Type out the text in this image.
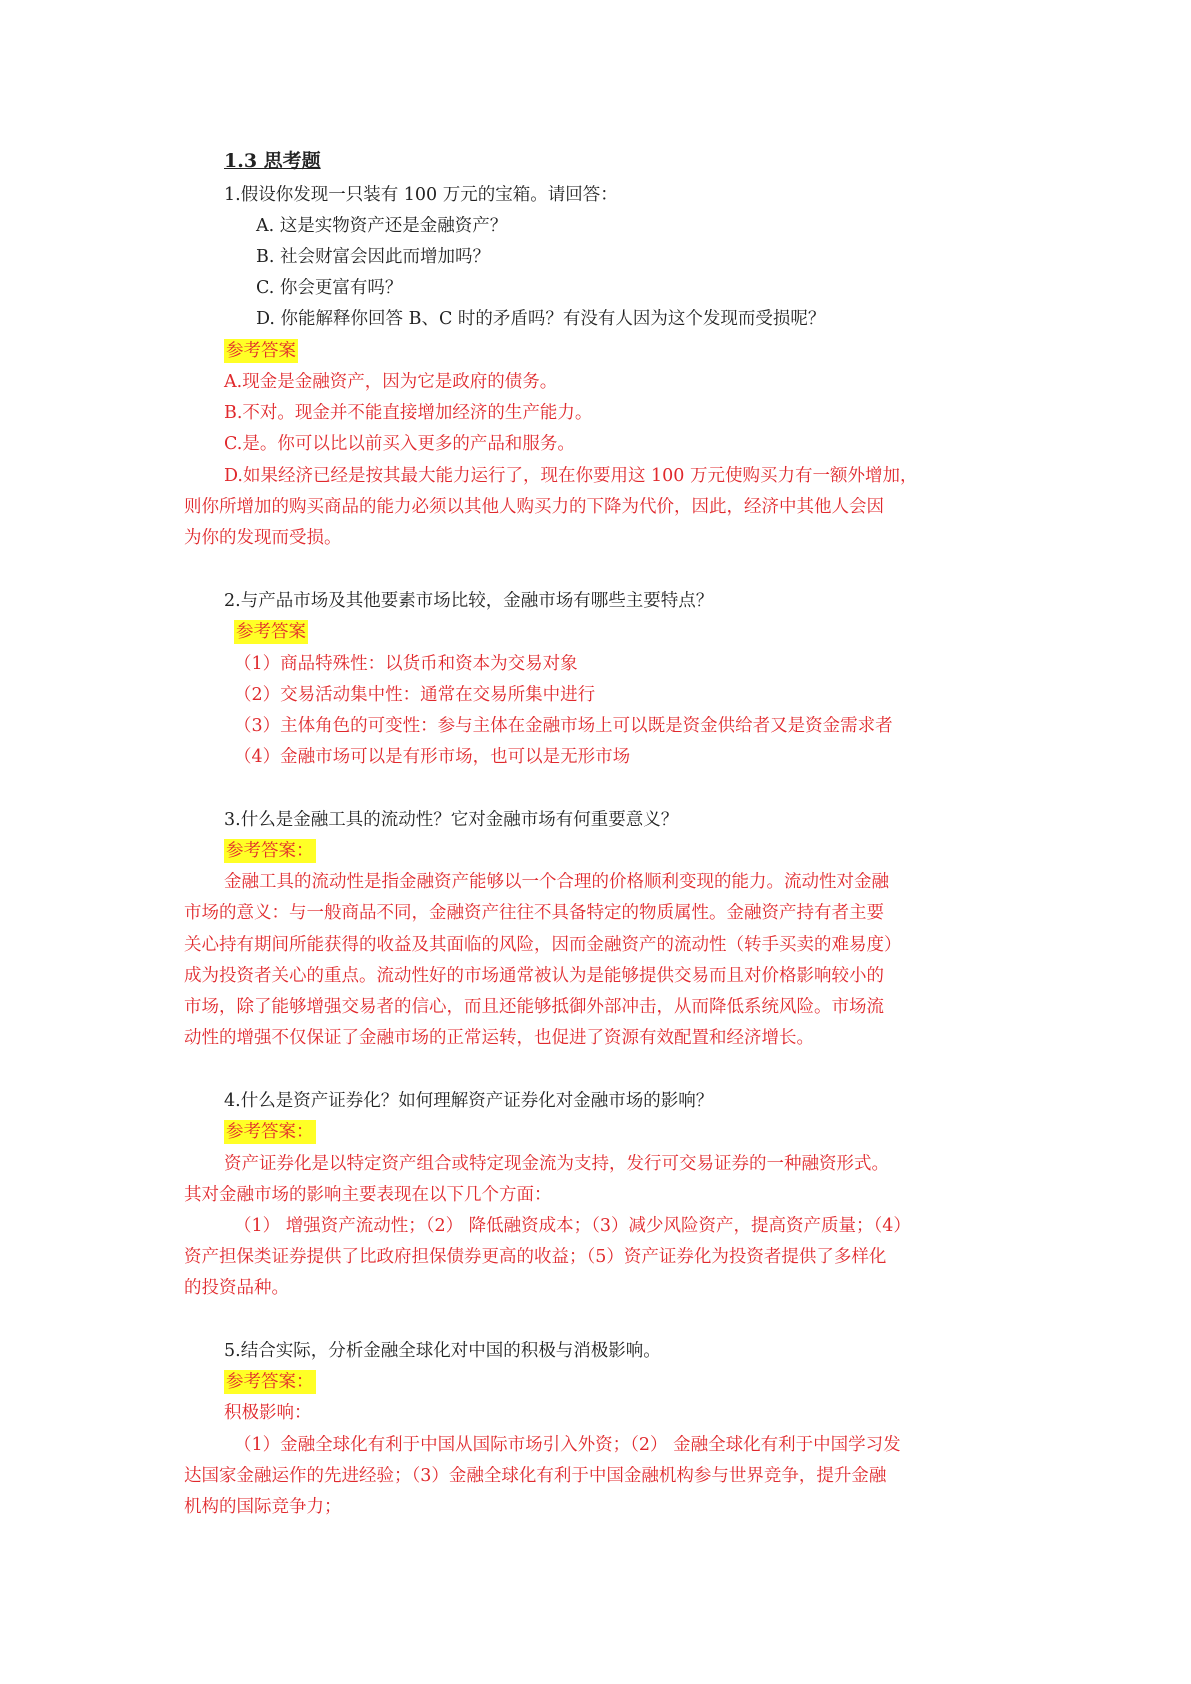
1.3 思考题
1.假设你发现一只装有 100 万元的宝箱。请回答：
A. 这是实物资产还是金融资产？
B. 社会财富会因此而增加吗？
C. 你会更富有吗？
D. 你能解释你回答 B、C 时的矛盾吗？有没有人因为这个发现而受损呢？
参考答案
A.现金是金融资产，因为它是政府的债务。
B.不对。现金并不能直接增加经济的生产能力。
C.是。你可以比以前买入更多的产品和服务。
D.如果经济已经是按其最大能力运行了，现在你要用这 100 万元使购买力有一额外增加，
则你所增加的购买商品的能力必须以其他人购买力的下降为代价，因此，经济中其他人会因
为你的发现而受损。
2.与产品市场及其他要素市场比较，金融市场有哪些主要特点？
参考答案
（1）商品特殊性：以货币和资本为交易对象
（2）交易活动集中性：通常在交易所集中进行
（3）主体角色的可变性：参与主体在金融市场上可以既是资金供给者又是资金需求者
（4）金融市场可以是有形市场，也可以是无形市场
3.什么是金融工具的流动性？它对金融市场有何重要意义？
参考答案：
金融工具的流动性是指金融资产能够以一个合理的价格顺利变现的能力。流动性对金融
市场的意义：与一般商品不同，金融资产往往不具备特定的物质属性。金融资产持有者主要
关心持有期间所能获得的收益及其面临的风险，因而金融资产的流动性（转手买卖的难易度）
成为投资者关心的重点。流动性好的市场通常被认为是能够提供交易而且对价格影响较小的
市场，除了能够增强交易者的信心，而且还能够抵御外部冲击，从而降低系统风险。市场流
动性的增强不仅保证了金融市场的正常运转，也促进了资源有效配置和经济增长。
4.什么是资产证券化？如何理解资产证券化对金融市场的影响？
参考答案：
资产证券化是以特定资产组合或特定现金流为支持，发行可交易证券的一种融资形式。
其对金融市场的影响主要表现在以下几个方面：
（1） 增强资产流动性；（2） 降低融资成本；（3）减少风险资产，提高资产质量；（4）
资产担保类证券提供了比政府担保债券更高的收益；（5）资产证券化为投资者提供了多样化
的投资品种。
5.结合实际，分析金融全球化对中国的积极与消极影响。
参考答案：
积极影响：
（1）金融全球化有利于中国从国际市场引入外资；（2） 金融全球化有利于中国学习发
达国家金融运作的先进经验；（3）金融全球化有利于中国金融机构参与世界竞争，提升金融
机构的国际竞争力；
